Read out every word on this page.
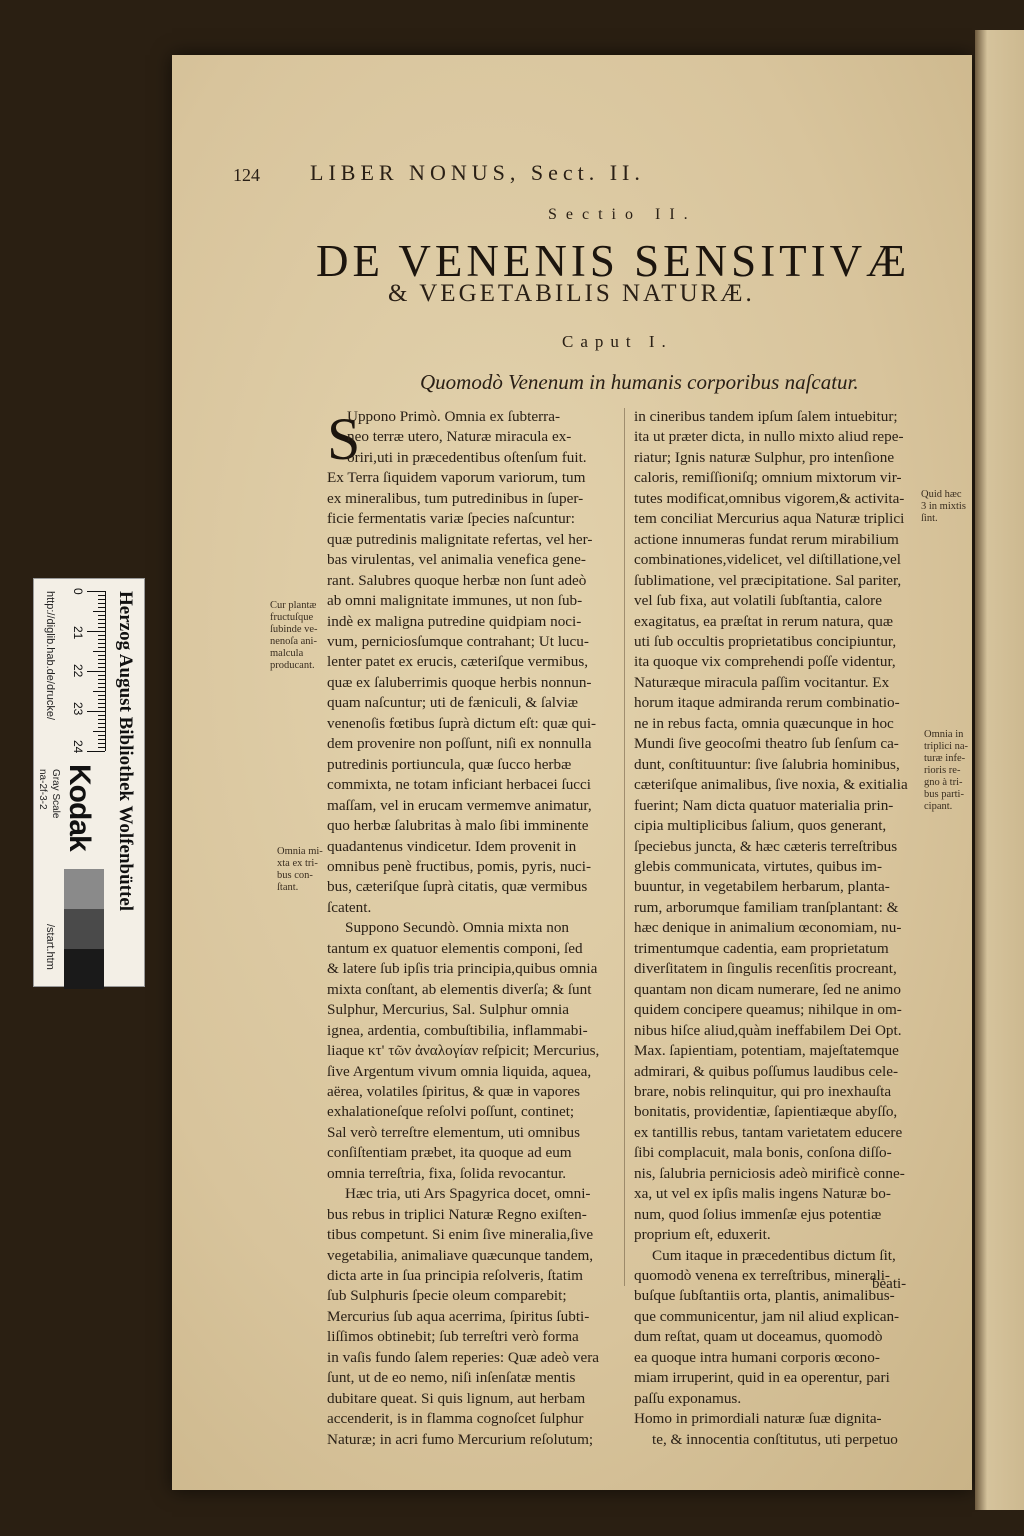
124 LIBER NONUS, Sect. II.
Sectio II.
DE VENENIS SENSITIVÆ
& VEGETABILIS NATURÆ.
Caput I.
Quomodò Venenum in humanis corporibus naſcatur.
S
Uppono Primò. Omnia ex ſubterra-
neo terræ utero, Naturæ miracula ex-
oriri,uti in præcedentibus oſtenſum fuit.
Ex Terra ſiquidem vaporum variorum, tum
ex mineralibus, tum putredinibus in ſuper-
ficie fermentatis variæ ſpecies naſcuntur:
quæ putredinis malignitate refertas, vel her-
bas virulentas, vel animalia venefica gene-
rant. Salubres quoque herbæ non ſunt adeò
ab omni malignitate immunes, ut non ſub-
indè ex maligna putredine quidpiam noci-
vum, perniciosſumque contrahant; Ut lucu-
lenter patet ex erucis, cæteriſque vermibus,
quæ ex ſaluberrimis quoque herbis nonnun-
quam naſcuntur; uti de fæniculi, & ſalviæ
venenoſis fœtibus ſuprà dictum eſt: quæ qui-
dem provenire non poſſunt, niſi ex nonnulla
putredinis portiuncula, quæ ſucco herbæ
commixta, ne totam inficiant herbacei ſucci
maſſam, vel in erucam vermemve animatur,
quo herbæ ſalubritas à malo ſibi imminente
quadantenus vindicetur. Idem provenit in
omnibus penè fructibus, pomis, pyris, nuci-
bus, cæteriſque ſuprà citatis, quæ vermibus
ſcatent.
Suppono Secundò. Omnia mixta non
tantum ex quatuor elementis componi, ſed
& latere ſub ipſis tria principia,quibus omnia
mixta conſtant, ab elementis diverſa; & ſunt
Sulphur, Mercurius, Sal. Sulphur omnia
ignea, ardentia, combuſtibilia, inflammabi-
liaque κτ' τῶν ἀναλογίαν reſpicit; Mercurius,
ſive Argentum vivum omnia liquida, aquea,
aërea, volatiles ſpiritus, & quæ in vapores
exhalationeſque reſolvi poſſunt, continet;
Sal verò terreſtre elementum, uti omnibus
conſiſtentiam præbet, ita quoque ad eum
omnia terreſtria, fixa, ſolida revocantur.
Hæc tria, uti Ars Spagyrica docet, omni-
bus rebus in triplici Naturæ Regno exiſten-
tibus competunt. Si enim ſive mineralia,ſive
vegetabilia, animaliave quæcunque tandem,
dicta arte in ſua principia reſolveris, ſtatim
ſub Sulphuris ſpecie oleum comparebit;
Mercurius ſub aqua acerrima, ſpiritus ſubti-
liſſimos obtinebit; ſub terreſtri verò forma
in vaſis fundo ſalem reperies: Quæ adeò vera
ſunt, ut de eo nemo, niſi inſenſatæ mentis
dubitare queat. Si quis lignum, aut herbam
accenderit, is in flamma cognoſcet ſulphur
Naturæ; in acri fumo Mercurium reſolutum;
in cineribus tandem ipſum ſalem intuebitur;
ita ut præter dicta, in nullo mixto aliud repe-
riatur; Ignis naturæ Sulphur, pro intenſione
caloris, remiſſioniſq; omnium mixtorum vir-
tutes modificat,omnibus vigorem,& activita-
tem conciliat Mercurius aqua Naturæ triplici
actione innumeras fundat rerum mirabilium
combinationes,videlicet, vel diſtillatione,vel
ſublimatione, vel præcipitatione. Sal pariter,
vel ſub fixa, aut volatili ſubſtantia, calore
exagitatus, ea præſtat in rerum natura, quæ
uti ſub occultis proprietatibus concipiuntur,
ita quoque vix comprehendi poſſe videntur,
Naturæque miracula paſſim vocitantur. Ex
horum itaque admiranda rerum combinatio-
ne in rebus facta, omnia quæcunque in hoc
Mundi ſive geocoſmi theatro ſub ſenſum ca-
dunt, conſtituuntur: ſive ſalubria hominibus,
cæteriſque animalibus, ſive noxia, & exitialia
fuerint; Nam dicta quatuor materialia prin-
cipia multiplicibus ſalium, quos generant,
ſpeciebus juncta, & hæc cæteris terreſtribus
glebis communicata, virtutes, quibus im-
buuntur, in vegetabilem herbarum, planta-
rum, arborumque familiam tranſplantant: &
hæc denique in animalium œconomiam, nu-
trimentumque cadentia, eam proprietatum
diverſitatem in ſingulis recenſitis procreant,
quantam non dicam numerare, ſed ne animo
quidem concipere queamus; nihilque in om-
nibus hiſce aliud,quàm ineffabilem Dei Opt.
Max. ſapientiam, potentiam, majeſtatemque
admirari, & quibus poſſumus laudibus cele-
brare, nobis relinquitur, qui pro inexhauſta
bonitatis, providentiæ, ſapientiæque abyſſo,
ex tantillis rebus, tantam varietatem educere
ſibi complacuit, mala bonis, conſona diſſo-
nis, ſalubria perniciosis adeò mirificè conne-
xa, ut vel ex ipſis malis ingens Naturæ bo-
num, quod ſolius immenſæ ejus potentiæ
proprium eſt, eduxerit.
Cum itaque in præcedentibus dictum ſit,
quomodò venena ex terreſtribus, minerali-
buſque ſubſtantiis orta, plantis, animalibus-
que communicentur, jam nil aliud explican-
dum reſtat, quam ut doceamus, quomodò
ea quoque intra humani corporis œcono-
miam irruperint, quid in ea operentur, pari
paſſu exponamus.
Homo in primordiali naturæ ſuæ dignita-
te, & innocentia conſtitutus, uti perpetuo
Cur plantæ
fructuſque
ſubinde ve-
nenoſa ani-
malcula
producant.
Omnia mi-
xta ex tri-
bus con-
ſtant.
Quid hæc
3 in mixtis
ſint.
Omnia in
triplici na-
turæ infe-
rioris re-
gno à tri-
bus parti-
cipant.
beati-
Herzog August Bibliothek Wolfenbüttel
0
21
22
23
24
Kodak
Gray Scale
http://diglib.hab.de/drucke/
na-2f-3-2
/start.htm
